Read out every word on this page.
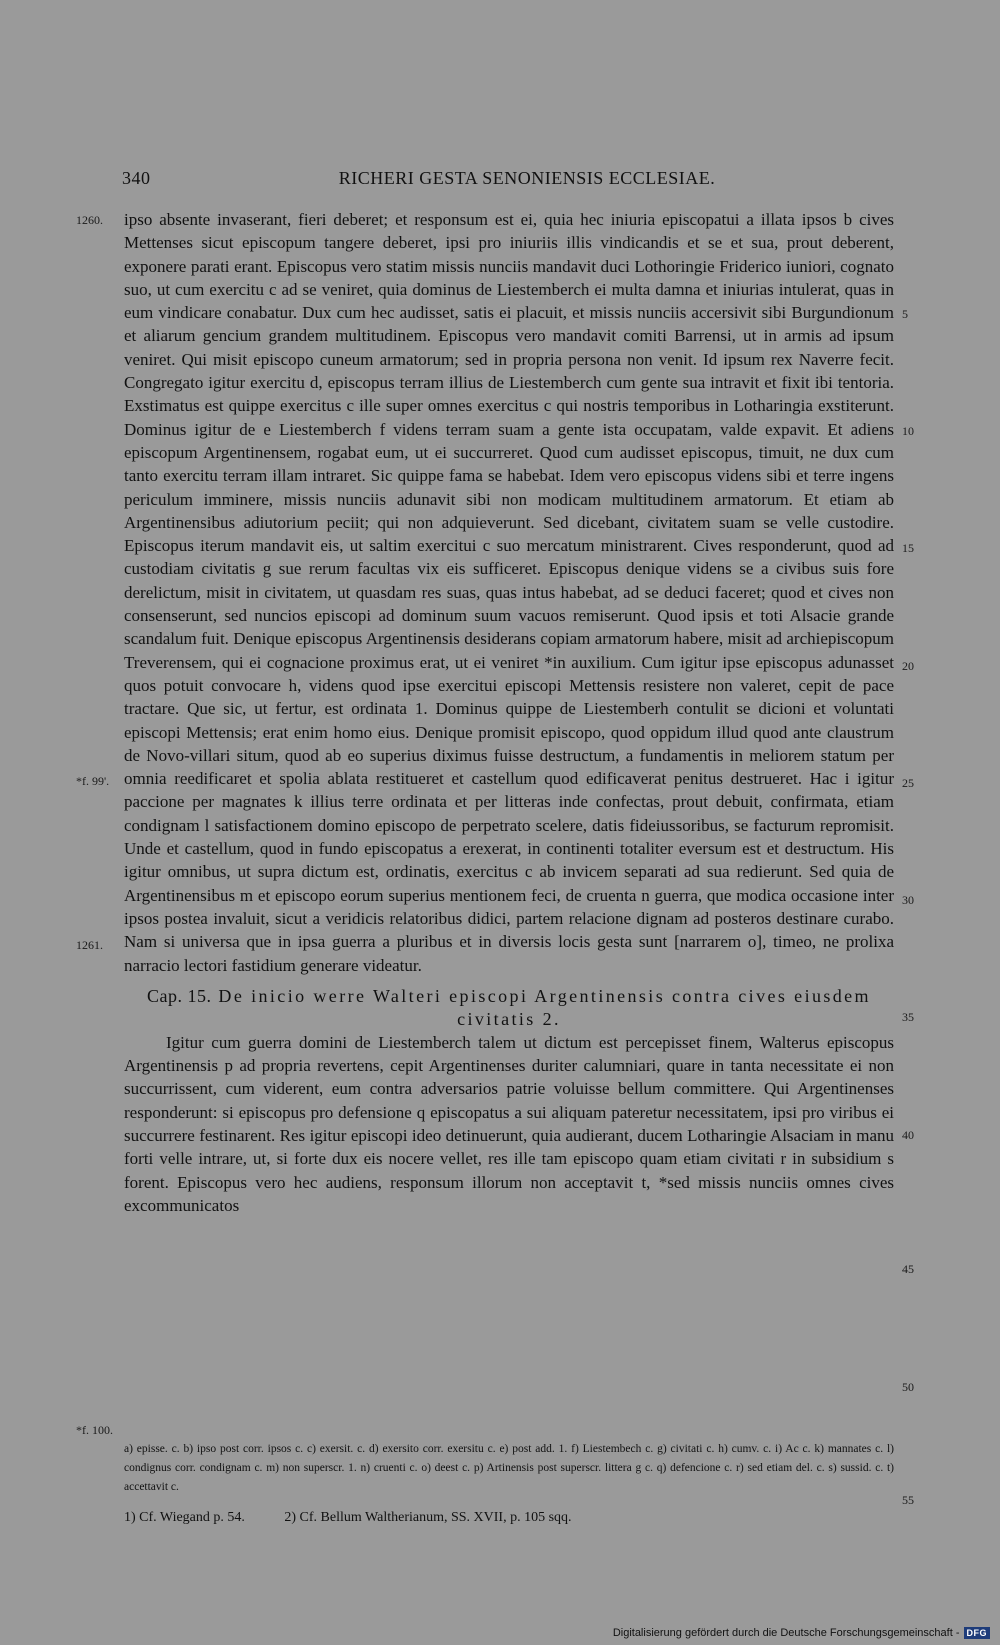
340	RICHERI GESTA SENONIENSIS ECCLESIAE.

ipso absente invaserant, fieri deberet; et responsum est ei, quia hec iniuria episcopatui a illata ipsos b cives Mettenses sicut episcopum tangere deberet, ipsi pro iniuriis illis vindicandis et se et sua, prout deberent, exponere parati erant. Episcopus vero statim missis nunciis mandavit duci Lothoringie Friderico iuniori, cognato suo, ut cum exercitu c ad se veniret, quia dominus de Liestemberch ei multa damna et iniurias intulerat, quas in eum vindicare conabatur. Dux cum hec audisset, satis ei placuit, et missis nunciis accersivit sibi Burgundionum et aliarum gencium grandem multitudinem. Episcopus vero mandavit comiti Barrensi, ut in armis ad ipsum veniret. Qui misit episcopo cuneum armatorum; sed in propria persona non venit. Id ipsum rex Naverre fecit. Congregato igitur exercitu d, episcopus terram illius de Liestemberch cum gente sua intravit et fixit ibi tentoria. Exstimatus est quippe exercitus c ille super omnes exercitus c qui nostris temporibus in Lotharingia exstiterunt. Dominus igitur de e Liestemberch f videns terram suam a gente ista occupatam, valde expavit. Et adiens episcopum Argentinensem, rogabat eum, ut ei succurreret. Quod cum audisset episcopus, timuit, ne dux cum tanto exercitu terram illam intraret. Sic quippe fama se habebat. Idem vero episcopus videns sibi et terre ingens periculum imminere, missis nunciis adunavit sibi non modicam multitudinem armatorum. Et etiam ab Argentinensibus adiutorium peciit; qui non adquieverunt. Sed dicebant, civitatem suam se velle custodire. Episcopus iterum mandavit eis, ut saltim exercitui c suo mercatum ministrarent. Cives responderunt, quod ad custodiam civitatis g sue rerum facultas vix eis sufficeret. Episcopus denique videns se a civibus suis fore derelictum, misit in civitatem, ut quasdam res suas, quas intus habebat, ad se deduci faceret; quod et cives non consenserunt, sed nuncios episcopi ad dominum suum vacuos remiserunt. Quod ipsis et toti Alsacie grande scandalum fuit. Denique episcopus Argentinensis desiderans copiam armatorum habere, misit ad archiepiscopum Treverensem, qui ei cognacione proximus erat, ut ei veniret *in auxilium. Cum igitur ipse episcopus adunasset quos potuit convocare h, videns quod ipse exercitui episcopi Mettensis resistere non valeret, cepit de pace tractare. Que sic, ut fertur, est ordinata 1. Dominus quippe de Liestemberh contulit se dicioni et voluntati episcopi Mettensis; erat enim homo eius. Denique promisit episcopo, quod oppidum illud quod ante claustrum de Novo-villari situm, quod ab eo superius diximus fuisse destructum, a fundamentis in meliorem statum per omnia reedificaret et spolia ablata restitueret et castellum quod edificaverat penitus destrueret. Hac i igitur paccione per magnates k illius terre ordinata et per litteras inde confectas, prout debuit, confirmata, etiam condignam l satisfactionem domino episcopo de perpetrato scelere, datis fideiussoribus, se facturum repromisit. Unde et castellum, quod in fundo episcopatus a erexerat, in continenti totaliter eversum est et destructum. His igitur omnibus, ut supra dictum est, ordinatis, exercitus c ab invicem separati ad sua redierunt. Sed quia de Argentinensibus m et episcopo eorum superius mentionem feci, de cruenta n guerra, que modica occasione inter ipsos postea invaluit, sicut a veridicis relatoribus didici, partem relacione dignam ad posteros destinare curabo. Nam si universa que in ipsa guerra a pluribus et in diversis locis gesta sunt [narrarem o], timeo, ne prolixa narracio lectori fastidium generare videatur.

Cap. 15. De inicio werre Walteri episcopi Argentinensis contra cives eiusdem civitatis 2.

Igitur cum guerra domini de Liestemberch talem ut dictum est percepisset finem, Walterus episcopus Argentinensis p ad propria revertens, cepit Argentinenses duriter calumniari, quare in tanta necessitate ei non succurrissent, cum viderent, eum contra adversarios patrie voluisse bellum committere. Qui Argentinenses responderunt: si episcopus pro defensione q episcopatus a sui aliquam pateretur necessitatem, ipsi pro viribus ei succurrere festinarent. Res igitur episcopi ideo detinuerunt, quia audierant, ducem Lotharingie Alsaciam in manu forti velle intrare, ut, si forte dux eis nocere vellet, res ille tam episcopo quam etiam civitati r in subsidium s forent. Episcopus vero hec audiens, responsum illorum non acceptavit t, *sed missis nunciis omnes cives excommunicatos

1260.
*f. 99'.
1261.
*f. 100.
5
10
15
20
25
30
35
40
45
50
55
a) episse. c. b) ipso post corr. ipsos c. c) exersit. c. d) exersito corr. exersitu c. e) post add. 1. f) Liestembech c. g) civitati c. h) cumv. c. i) Ac c. k) mannates c. l) condignus corr. condignam c. m) non superscr. 1. n) cruenti c. o) deest c. p) Artinensis post superscr. littera g c. q) defencione c. r) sed etiam del. c. s) sussid. c. t) accettavit c.
1) Cf. Wiegand p. 54.	2) Cf. Bellum Waltherianum, SS. XVII, p. 105 sqq.
Digitalisierung gefördert durch die Deutsche Forschungsgemeinschaft - DFG
